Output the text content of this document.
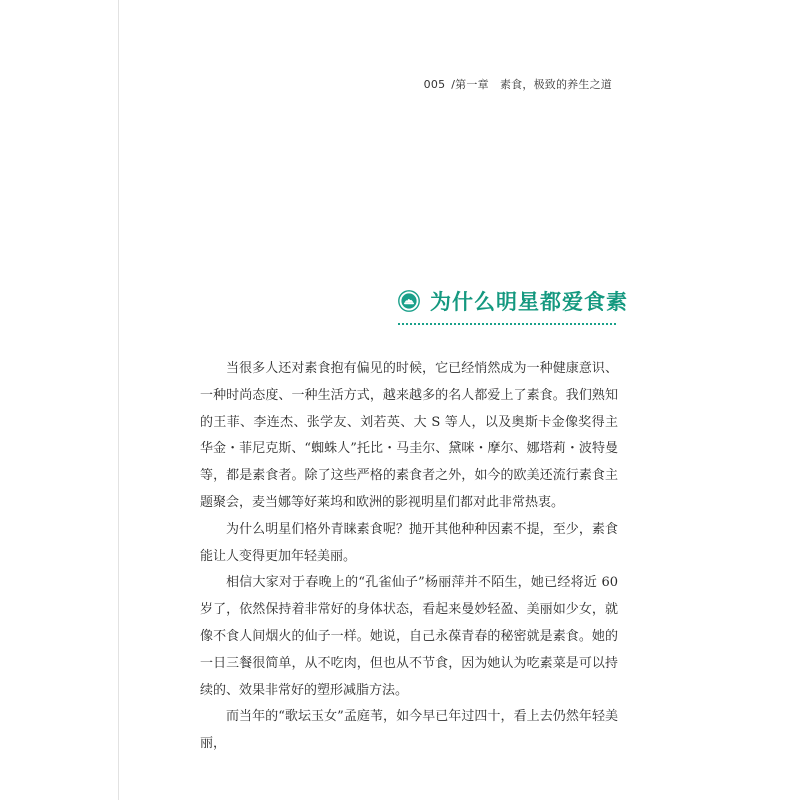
005 /第一章　素食，极致的养生之道
为什么明星都爱食素

当很多人还对素食抱有偏见的时候，它已经悄然成为一种健康意识、一种时尚态度、一种生活方式，越来越多的名人都爱上了素食。我们熟知的王菲、李连杰、张学友、刘若英、大 S 等人，以及奥斯卡金像奖得主华金・菲尼克斯、“蜘蛛人”托比・马圭尔、黛咪・摩尔、娜塔莉・波特曼等，都是素食者。除了这些严格的素食者之外，如今的欧美还流行素食主题聚会，麦当娜等好莱坞和欧洲的影视明星们都对此非常热衷。

为什么明星们格外青睐素食呢？抛开其他种种因素不提，至少，素食能让人变得更加年轻美丽。

相信大家对于春晚上的“孔雀仙子”杨丽萍并不陌生，她已经将近 60 岁了，依然保持着非常好的身体状态，看起来曼妙轻盈、美丽如少女，就像不食人间烟火的仙子一样。她说，自己永葆青春的秘密就是素食。她的一日三餐很简单，从不吃肉，但也从不节食，因为她认为吃素菜是可以持续的、效果非常好的塑形减脂方法。

而当年的“歌坛玉女”孟庭苇，如今早已年过四十，看上去仍然年轻美丽，
